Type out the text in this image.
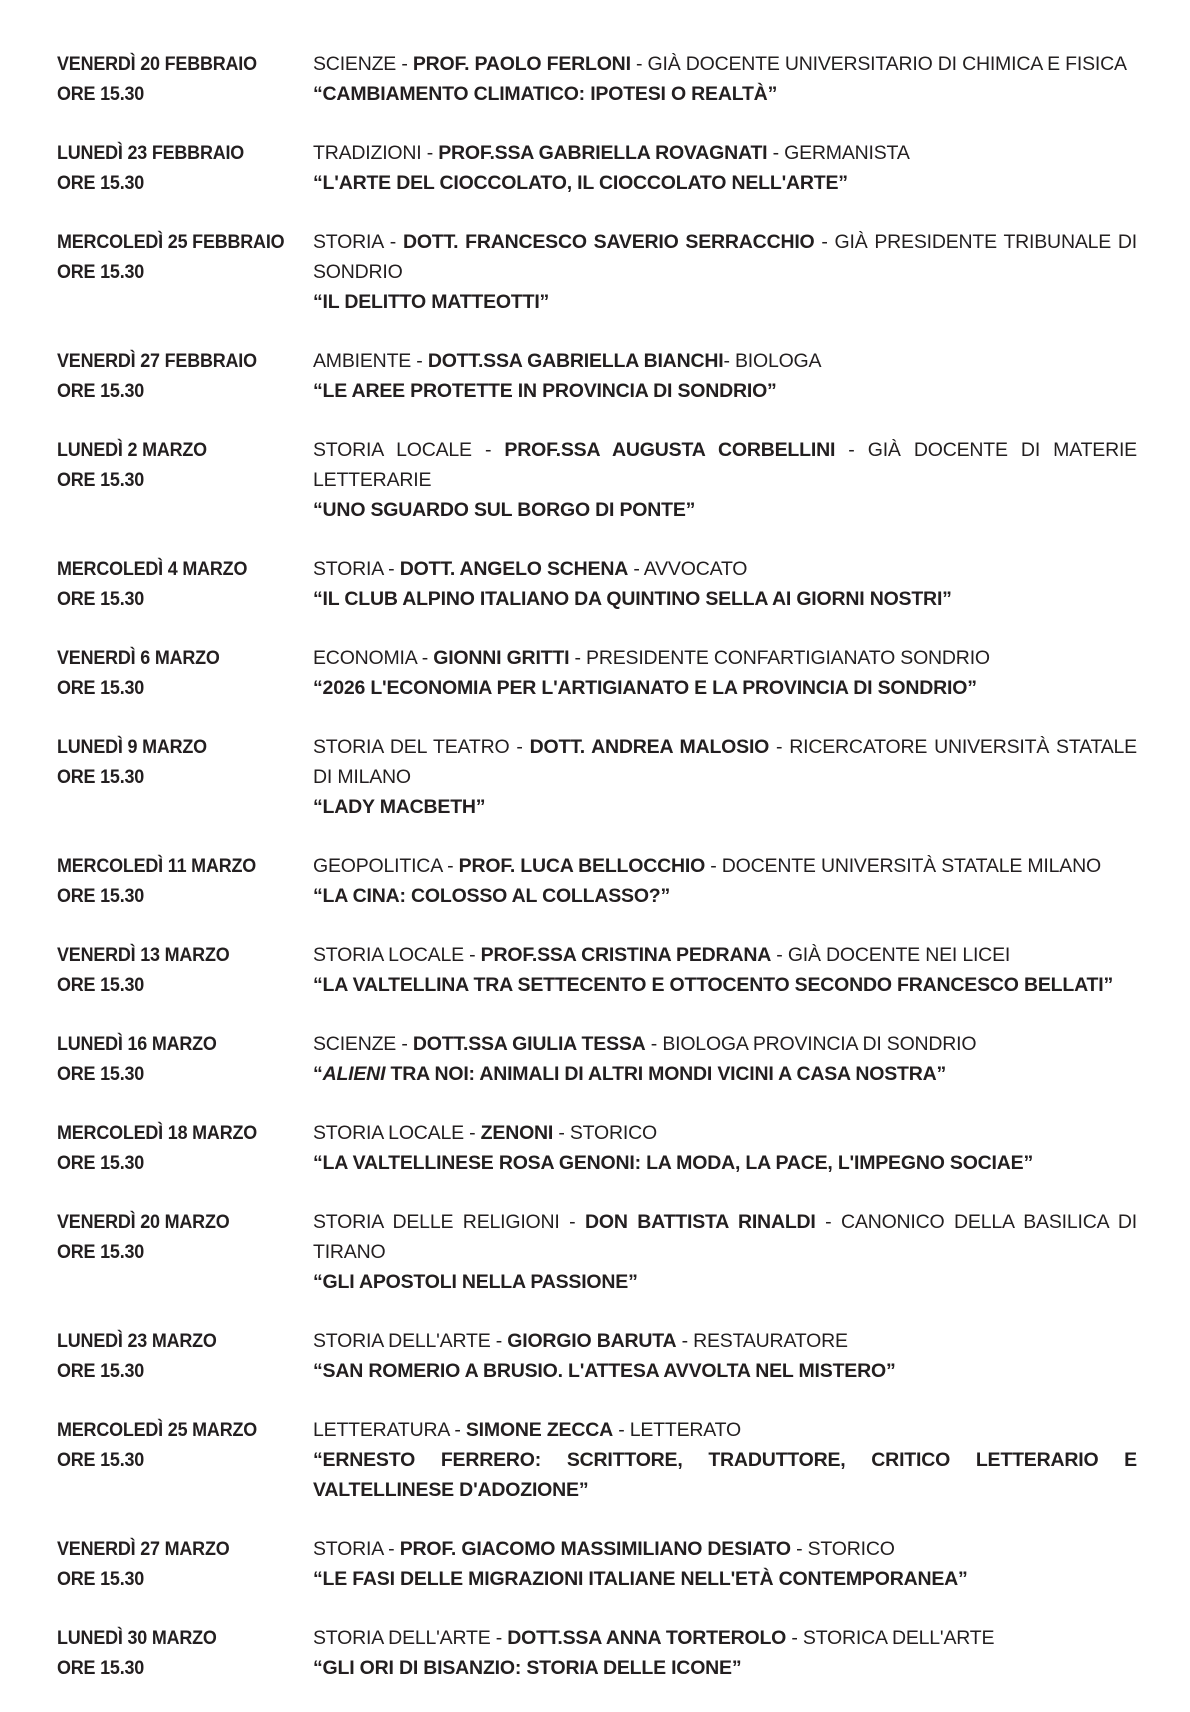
VENERDÌ 20 FEBBRAIO
ORE 15.30
SCIENZE - PROF. PAOLO FERLONI - GIÀ DOCENTE UNIVERSITARIO DI CHIMICA E FISICA
“CAMBIAMENTO CLIMATICO: IPOTESI O REALTÀ”
LUNEDÌ 23 FEBBRAIO
ORE 15.30
TRADIZIONI - PROF.SSA GABRIELLA ROVAGNATI - GERMANISTA
“L'ARTE DEL CIOCCOLATO, IL CIOCCOLATO NELL'ARTE”
MERCOLEDÌ 25 FEBBRAIO
ORE 15.30
STORIA - DOTT. FRANCESCO SAVERIO SERRACCHIO - GIÀ PRESIDENTE TRIBUNALE DI SONDRIO
“IL DELITTO MATTEOTTI”
VENERDÌ 27 FEBBRAIO
ORE 15.30
AMBIENTE - DOTT.SSA GABRIELLA BIANCHI- BIOLOGA
“LE AREE PROTETTE IN PROVINCIA DI SONDRIO”
LUNEDÌ 2 MARZO
ORE 15.30
STORIA LOCALE - PROF.SSA AUGUSTA CORBELLINI - GIÀ DOCENTE DI MATERIE LETTERARIE
“UNO SGUARDO SUL BORGO DI PONTE”
MERCOLEDÌ 4 MARZO
ORE 15.30
STORIA - DOTT. ANGELO SCHENA - AVVOCATO
“IL CLUB ALPINO ITALIANO DA QUINTINO SELLA AI GIORNI NOSTRI”
VENERDÌ 6 MARZO
ORE 15.30
ECONOMIA - GIONNI GRITTI - PRESIDENTE CONFARTIGIANATO SONDRIO
“2026 L'ECONOMIA PER L'ARTIGIANATO E LA PROVINCIA DI SONDRIO”
LUNEDÌ 9 MARZO
ORE 15.30
STORIA DEL TEATRO - DOTT. ANDREA MALOSIO - RICERCATORE UNIVERSITÀ STATALE DI MILANO
“LADY MACBETH”
MERCOLEDÌ 11 MARZO
ORE 15.30
GEOPOLITICA - PROF. LUCA BELLOCCHIO - DOCENTE UNIVERSITÀ STATALE MILANO
“LA CINA: COLOSSO AL COLLASSO?”
VENERDÌ 13 MARZO
ORE 15.30
STORIA LOCALE - PROF.SSA CRISTINA PEDRANA - GIÀ DOCENTE NEI LICEI
“LA VALTELLINA TRA SETTECENTO E OTTOCENTO SECONDO FRANCESCO BELLATI”
LUNEDÌ 16 MARZO
ORE 15.30
SCIENZE - DOTT.SSA GIULIA TESSA - BIOLOGA PROVINCIA DI SONDRIO
“ALIENI TRA NOI: ANIMALI DI ALTRI MONDI VICINI A CASA NOSTRA”
MERCOLEDÌ 18 MARZO
ORE 15.30
STORIA LOCALE - ZENONI - STORICO
“LA VALTELLINESE ROSA GENONI: LA MODA, LA PACE, L'IMPEGNO SOCIAE”
VENERDÌ 20 MARZO
ORE 15.30
STORIA DELLE RELIGIONI - DON BATTISTA RINALDI - CANONICO DELLA BASILICA DI TIRANO
“GLI APOSTOLI NELLA PASSIONE”
LUNEDÌ 23 MARZO
ORE 15.30
STORIA DELL'ARTE - GIORGIO BARUTA - RESTAURATORE
“SAN ROMERIO A BRUSIO. L'ATTESA AVVOLTA NEL MISTERO”
MERCOLEDÌ 25 MARZO
ORE 15.30
LETTERATURA - SIMONE ZECCA - LETTERATO
“ERNESTO FERRERO: SCRITTORE, TRADUTTORE, CRITICO LETTERARIO E VALTELLINESE D'ADOZIONE”
VENERDÌ 27 MARZO
ORE 15.30
STORIA - PROF. GIACOMO MASSIMILIANO DESIATO - STORICO
“LE FASI DELLE MIGRAZIONI ITALIANE NELL'ETÀ CONTEMPORANEA”
LUNEDÌ 30 MARZO
ORE 15.30
STORIA DELL'ARTE - DOTT.SSA ANNA TORTEROLO - STORICA DELL'ARTE
“GLI ORI DI BISANZIO: STORIA DELLE ICONE”
